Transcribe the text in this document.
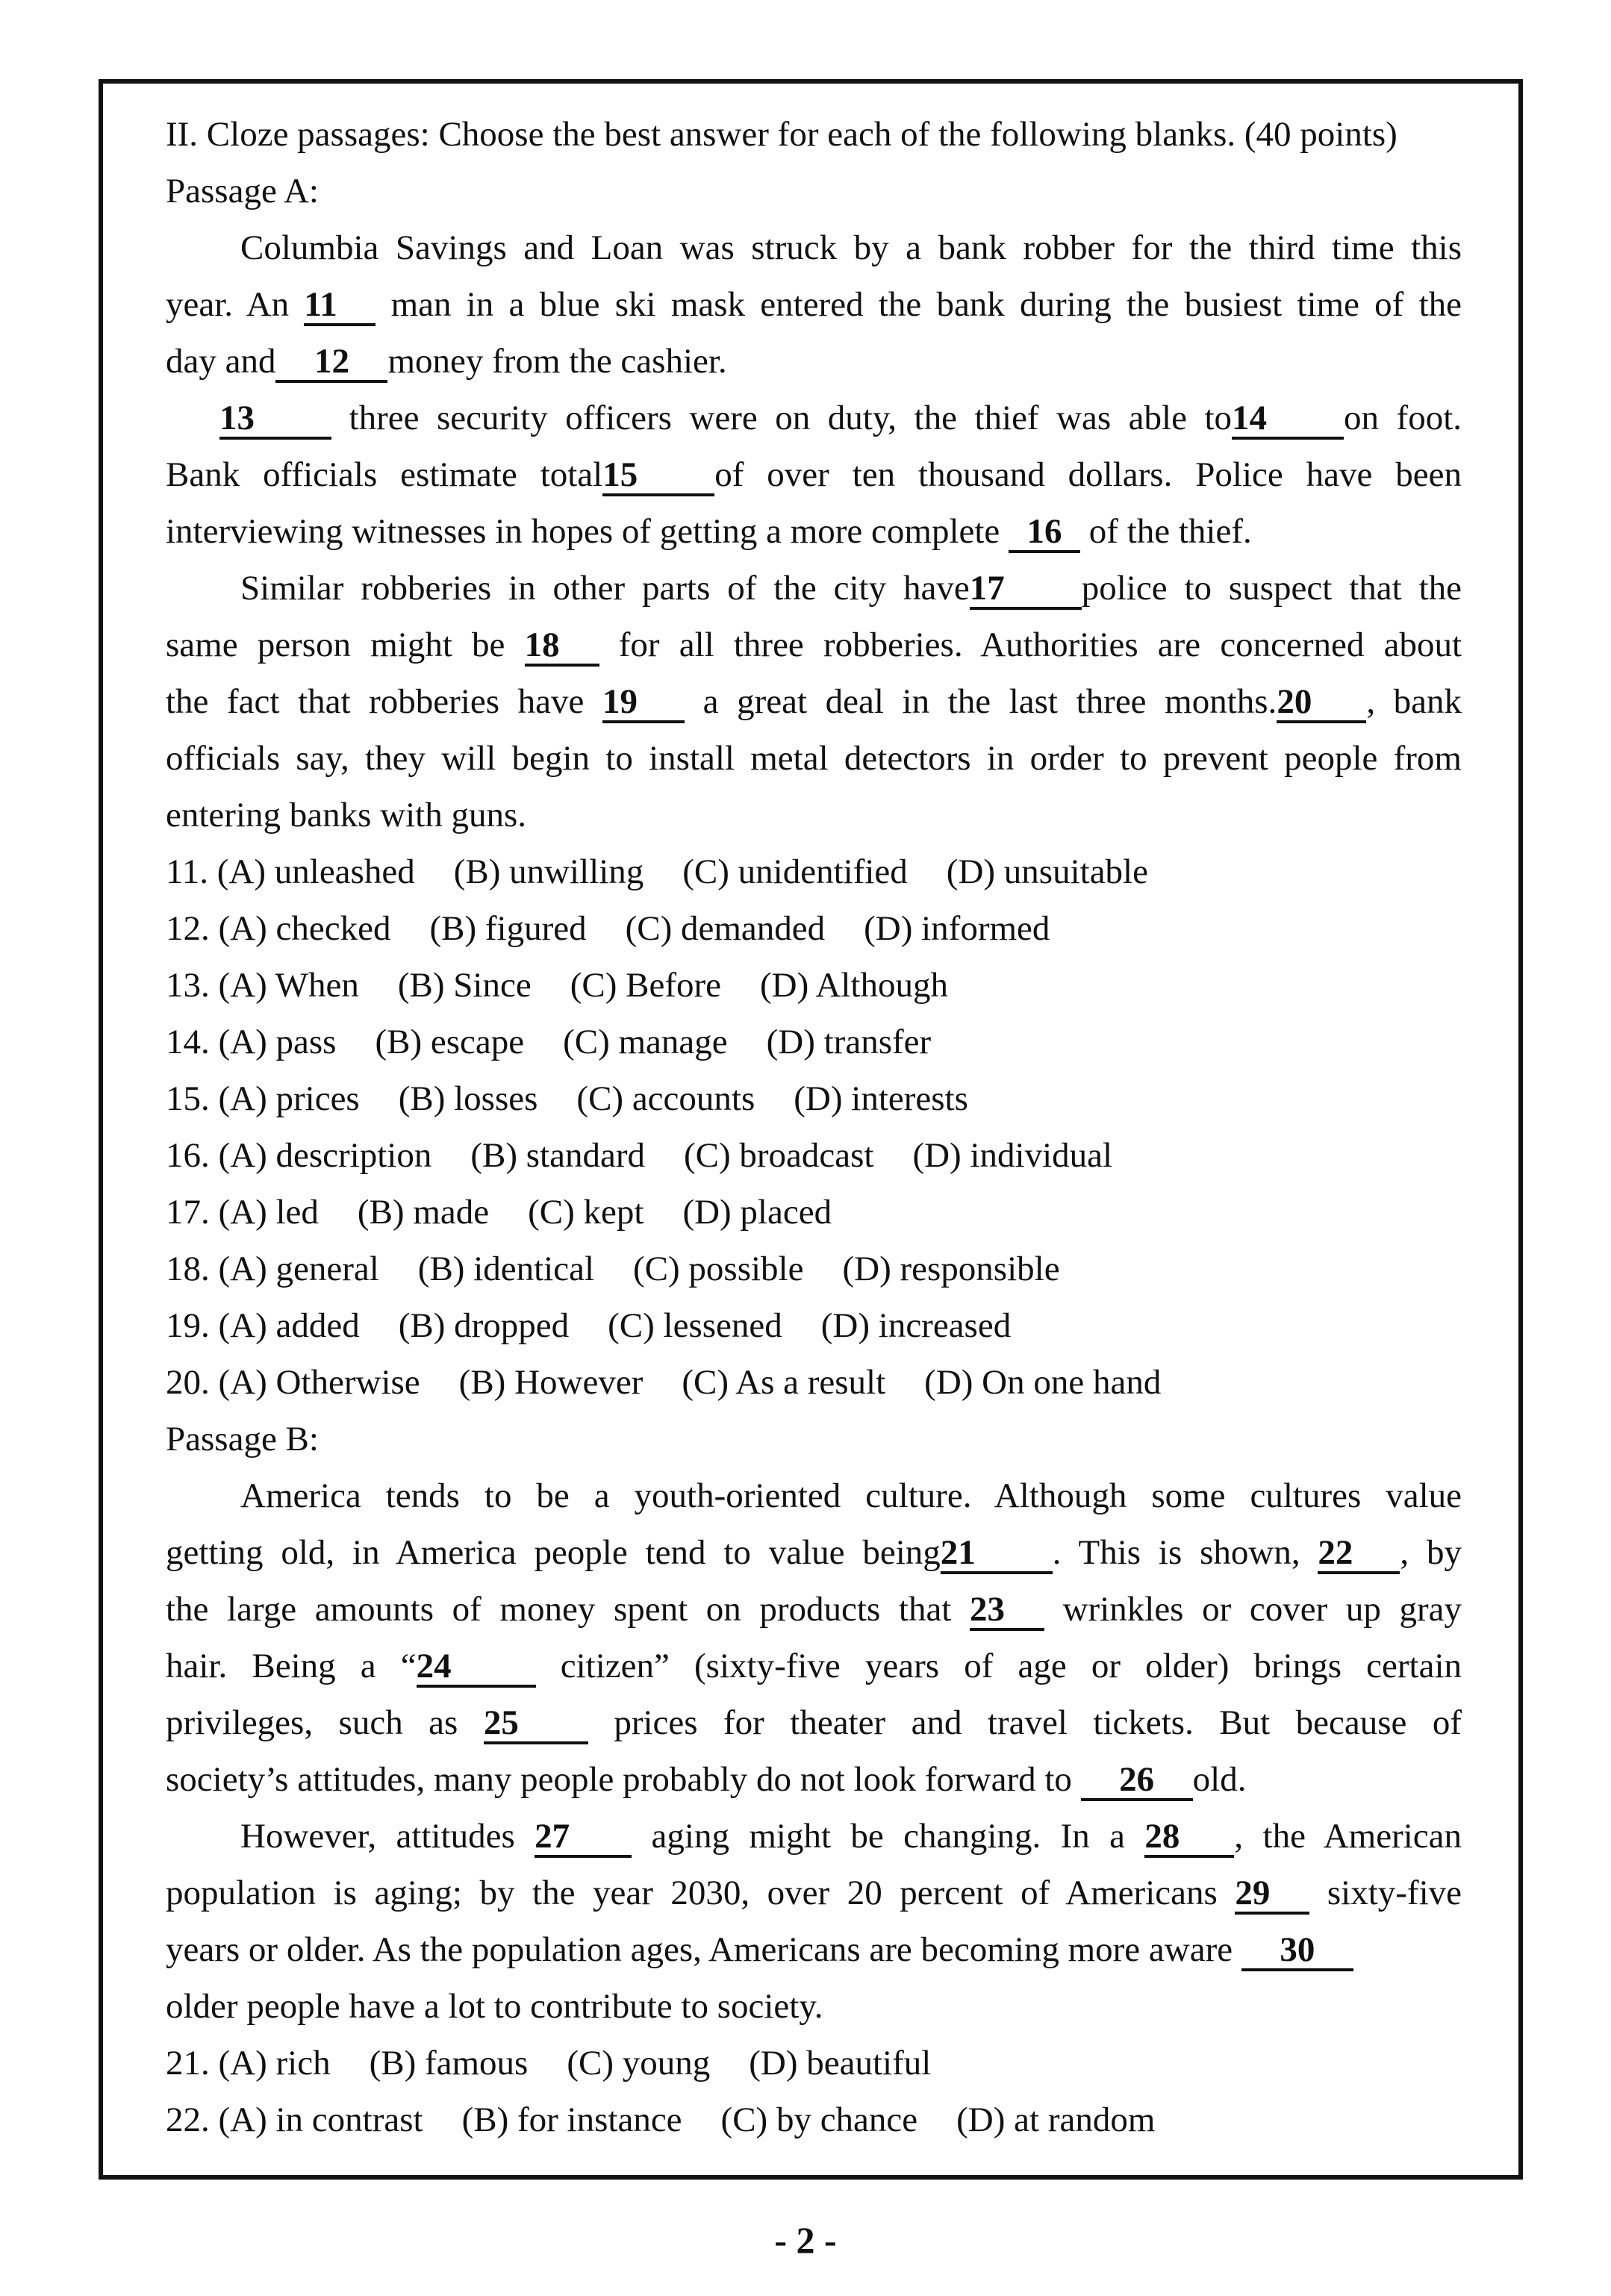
II. Cloze passages: Choose the best answer for each of the following blanks. (40 points)
Passage A:
Columbia Savings and Loan was struck by a bank robber for the third time this
year. An 11 man in a blue ski mask entered the bank during the busiest time of the
day and 12 money from the cashier.
13	three security officers were on duty, the thief was able to14 on foot.
Bank officials estimate total15 of over ten thousand dollars. Police have been
interviewing witnesses in hopes of getting a more complete 16 of the thief.
Similar robberies in other parts of the city have17 police to suspect that the
same person might be 18 for all three robberies. Authorities are concerned about
the fact that robberies have 19 a great deal in the last three months.20 , bank
officials say, they will begin to install metal detectors in order to prevent people from
entering banks with guns.
11. (A) unleashed (B) unwilling (C) unidentified (D) unsuitable
12. (A) checked (B) figured (C) demanded (D) informed
13. (A) When (B) Since (C) Before (D) Although
14. (A) pass (B) escape (C) manage (D) transfer
15. (A) prices (B) losses (C) accounts (D) interests
16. (A) description (B) standard (C) broadcast (D) individual
17. (A) led (B) made (C) kept (D) placed
18. (A) general (B) identical (C) possible (D) responsible
19. (A) added (B) dropped (C) lessened (D) increased
20. (A) Otherwise (B) However (C) As a result (D) On one hand
Passage B:
America tends to be a youth-oriented culture. Although some cultures value
getting old, in America people tend to value being21 . This is shown, 22 , by
the large amounts of money spent on products that 23 wrinkles or cover up gray
hair. Being a “24	citizen” (sixty-five years of age or older) brings certain
privileges, such as 25	prices for theater and travel tickets. But because of
society’s attitudes, many people probably do not look forward to 26 old.
However, attitudes 27 aging might be changing. In a 28 , the American
population is aging; by the year 2030, over 20 percent of Americans 29 sixty-five
years or older. As the population ages, Americans are becoming more aware 30
older people have a lot to contribute to society.
21. (A) rich (B) famous (C) young (D) beautiful
22. (A) in contrast (B) for instance (C) by chance (D) at random
- 2 -
